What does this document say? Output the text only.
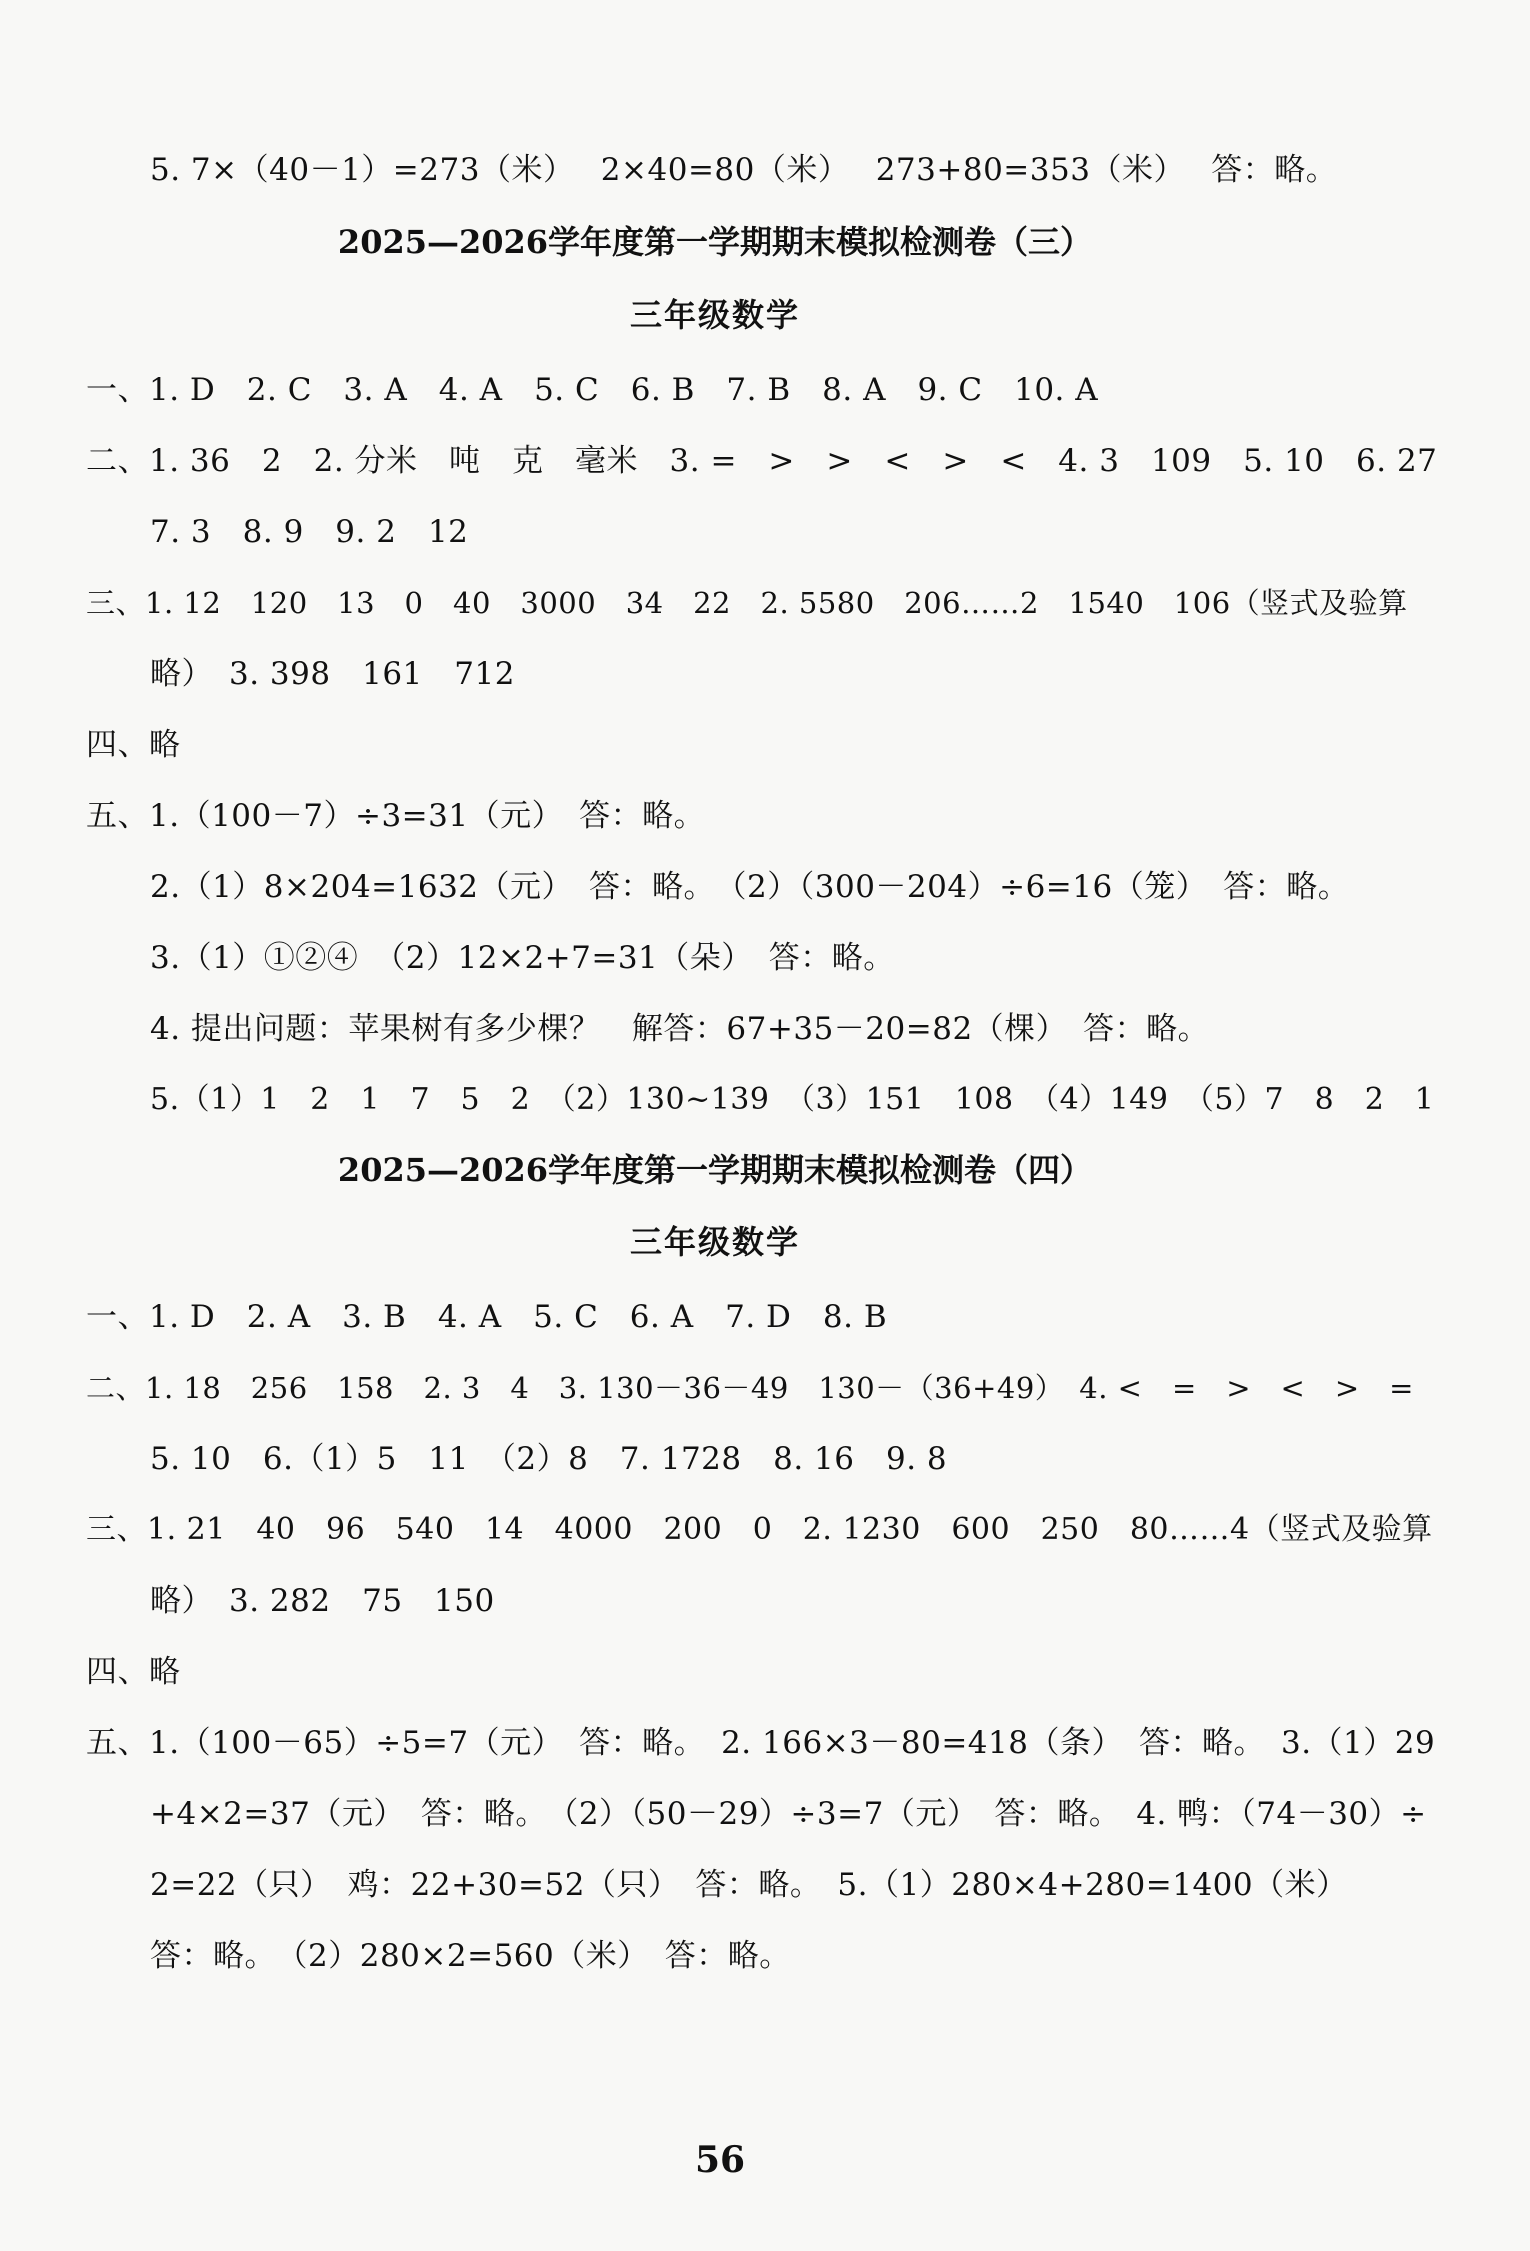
5. 7×（40－1）=273（米）　 2×40=80（米）　 273+80=353（米）　 答：略。
2025—2026学年度第一学期期末模拟检测卷（三）
三年级数学
一、1. D　2. C　3. A　4. A　5. C　6. B　7. B　8. A　9. C　10. A
二、1. 36　2　2. 分米　吨　克　毫米　3. =　>　>　<　>　<　4. 3　109　5. 10　6. 27
7. 3　8. 9　9. 2　12
三、1. 12　120　13　0　40　3000　34　22　2. 5580　206……2　1540　106（竖式及验算
略）　3. 398　161　712
四、略
五、1.（100－7）÷3=31（元）　答：略。
2.（1）8×204=1632（元）　答：略。　（2）（300－204）÷6=16（笼）　答：略。
3.（1）①②④　（2）12×2+7=31（朵）　答：略。
4. 提出问题：苹果树有多少棵？　解答：67+35－20=82（棵）　答：略。
5.（1）1　2　1　7　5　2　（2）130~139　（3）151　108　（4）149　（5）7　8　2　1
2025—2026学年度第一学期期末模拟检测卷（四）
三年级数学
一、1. D　2. A　3. B　4. A　5. C　6. A　7. D　8. B
二、1. 18　256　158　2. 3　4　3. 130－36－49　130－（36+49）　4. <　=　>　<　>　=
5. 10　6.（1）5　11　（2）8　7. 1728　8. 16　9. 8
三、1. 21　40　96　540　14　4000　200　0　2. 1230　600　250　80……4（竖式及验算
略）　3. 282　75　150
四、略
五、1.（100－65）÷5=7（元）　答：略。　2. 166×3－80=418（条）　答：略。　3.（1）29
+4×2=37（元）　答：略。　（2）（50－29）÷3=7（元）　答：略。　4. 鸭：（74－30）÷
2=22（只）　鸡：22+30=52（只）　答：略。　5.（1）280×4+280=1400（米）
答：略。　（2）280×2=560（米）　答：略。
56
